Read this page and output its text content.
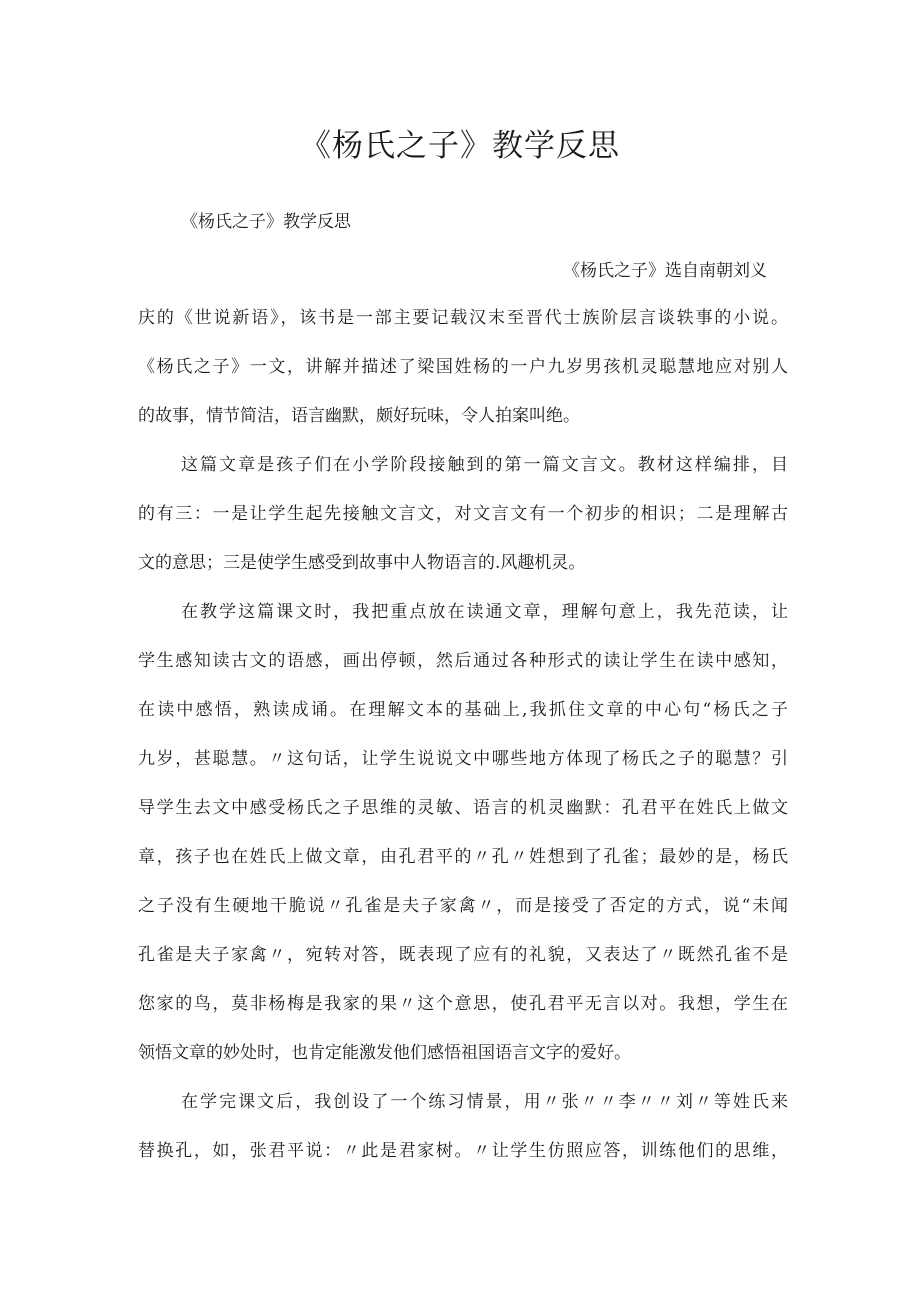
《杨氏之子》教学反思

《杨氏之子》教学反思

《杨氏之子》选自南朝刘义

庆的《世说新语》，该书是一部主要记载汉末至晋代士族阶层言谈轶事的小说。

《杨氏之子》一文，讲解并描述了梁国姓杨的一户九岁男孩机灵聪慧地应对别人

的故事，情节简洁，语言幽默，颇好玩味，令人拍案叫绝。

这篇文章是孩子们在小学阶段接触到的第一篇文言文。教材这样编排，目

的有三：一是让学生起先接触文言文，对文言文有一个初步的相识；二是理解古

文的意思；三是使学生感受到故事中人物语言的.风趣机灵。

在教学这篇课文时，我把重点放在读通文章，理解句意上，我先范读，让

学生感知读古文的语感，画出停顿，然后通过各种形式的读让学生在读中感知，

在读中感悟，熟读成诵。在理解文本的基础上,我抓住文章的中心句“杨氏之子

九岁，甚聪慧。〃这句话，让学生说说文中哪些地方体现了杨氏之子的聪慧？引

导学生去文中感受杨氏之子思维的灵敏、语言的机灵幽默：孔君平在姓氏上做文

章，孩子也在姓氏上做文章，由孔君平的〃孔〃姓想到了孔雀；最妙的是，杨氏

之子没有生硬地干脆说〃孔雀是夫子家禽〃，而是接受了否定的方式，说“未闻

孔雀是夫子家禽〃，宛转对答，既表现了应有的礼貌，又表达了〃既然孔雀不是

您家的鸟，莫非杨梅是我家的果〃这个意思，使孔君平无言以对。我想，学生在

领悟文章的妙处时，也肯定能激发他们感悟祖国语言文字的爱好。

在学完课文后，我创设了一个练习情景，用〃张〃〃李〃〃刘〃等姓氏来

替换孔，如，张君平说：〃此是君家树。〃让学生仿照应答，训练他们的思维，
